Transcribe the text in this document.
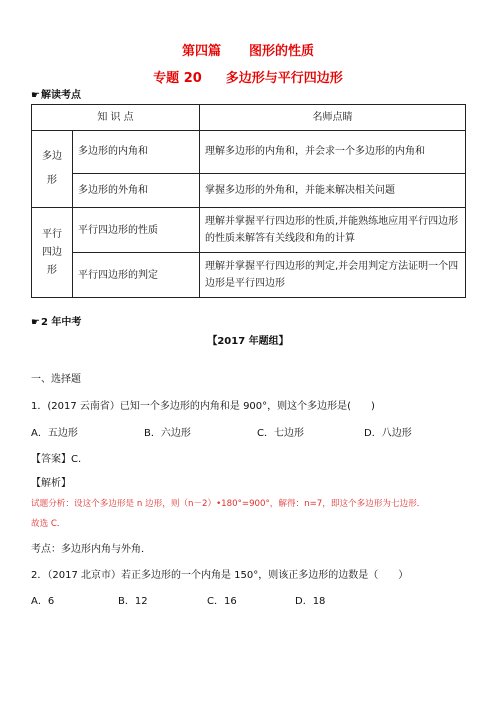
第四篇 图形的性质
专题 20 多边形与平行四边形
☛解读考点
知 识 点		名师点睛
多边形	多边形的内角和	理解多边形的内角和，并会求一个多边形的内角和
	多边形的外角和	掌握多边形的外角和，并能来解决相关问题
平行四边形	平行四边形的性质	理解并掌握平行四边形的性质,并能熟练地应用平行四边形的性质来解答有关线段和角的计算
	平行四边形的判定	理解并掌握平行四边形的判定,并会用判定方法证明一个四边形是平行四边形
☛2 年中考
【2017 年题组】
一、选择题
1．(2017 云南省）已知一个多边形的内角和是 900°，则这个多边形是(　　)
A．五边形	B．六边形	C．七边形	D．八边形
【答案】C.
【解析】
试题分析：设这个多边形是 n 边形，则（n－2）•180°=900°，解得：n=7，即这个多边形为七边形．
故选 C．
考点：多边形内角与外角．
2．（2017 北京市）若正多边形的一个内角是 150°，则该正多边形的边数是（　　）
A．6	B．12	C．16	D．18
